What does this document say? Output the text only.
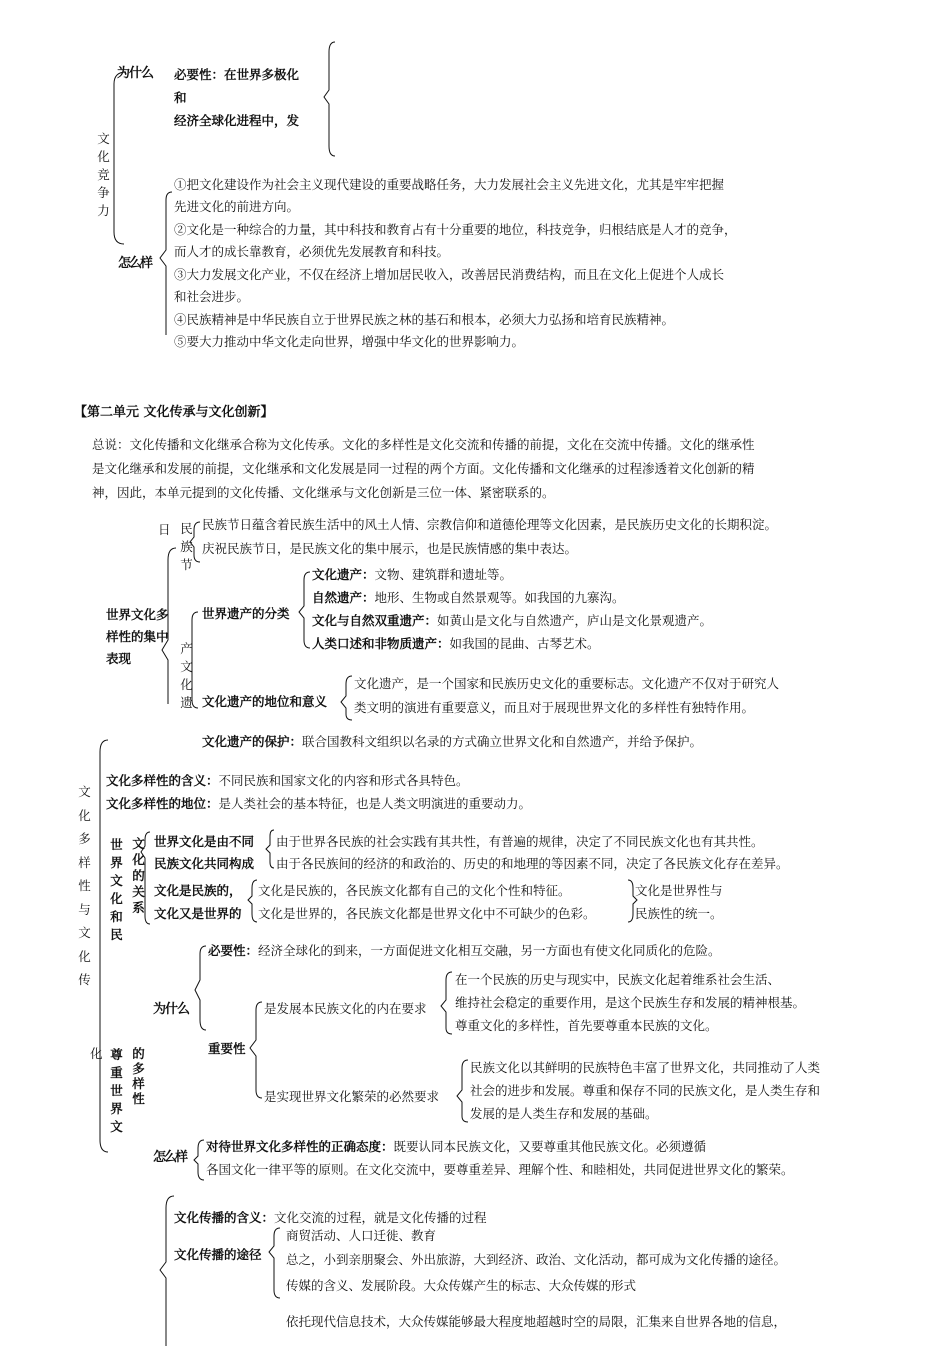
文化竞争力
为什么 必要性：在世界多极化
和
经济全球化进程中，发
怎么样
①把文化建设作为社会主义现代建设的重要战略任务，大力发展社会主义先进文化，尤其是牢牢把握
先进文化的前进方向。
②文化是一种综合的力量，其中科技和教育占有十分重要的地位，科技竞争，归根结底是人才的竞争，
而人才的成长靠教育，必须优先发展教育和科技。
③大力发展文化产业，不仅在经济上增加居民收入，改善居民消费结构，而且在文化上促进个人成长
和社会进步。
④民族精神是中华民族自立于世界民族之林的基石和根本，必须大力弘扬和培育民族精神。
⑤要大力推动中华文化走向世界，增强中华文化的世界影响力。
【第二单元 文化传承与文化创新】
总说：文化传播和文化继承合称为文化传承。文化的多样性是文化交流和传播的前提，文化在交流中传播。文化的继承性
是文化继承和发展的前提，文化继承和文化发展是同一过程的两个方面。文化传播和文化继承的过程渗透着文化创新的精
神，因此，本单元提到的文化传播、文化继承与文化创新是三位一体、紧密联系的。
文化多样性与文化传
化
世界文化多样性的集中表现
日 民族节
民族节日蕴含着民族生活中的风土人情、宗教信仰和道德伦理等文化因素，是民族历史文化的长期积淀。
庆祝民族节日，是民族文化的集中展示，也是民族情感的集中表达。
产文化遗
世界遗产的分类
文化遗产：文物、建筑群和遗址等。
自然遗产：地形、生物或自然景观等。如我国的九寨沟。
文化与自然双重遗产：如黄山是文化与自然遗产，庐山是文化景观遗产。
人类口述和非物质遗产：如我国的昆曲、古琴艺术。
文化遗产的地位和意义
文化遗产，是一个国家和民族历史文化的重要标志。文化遗产不仅对于研究人
类文明的演进有重要意义，而且对于展现世界文化的多样性有独特作用。
文化遗产的保护：联合国教科文组织以名录的方式确立世界文化和自然遗产，并给予保护。
文化多样性的含义：不同民族和国家文化的内容和形式各具特色。
文化多样性的地位：是人类社会的基本特征，也是人类文明演进的重要动力。
世界文化和民
文化的关系
世界文化是由不同 由于世界各民族的社会实践有其共性，有普遍的规律，决定了不同民族文化也有其共性。
民族文化共同构成 由于各民族间的经济的和政治的、历史的和地理的等因素不同，决定了各民族文化存在差异。
文化是民族的， 文化是民族的，各民族文化都有自己的文化个性和特征。
文化又是世界的 文化是世界的，各民族文化都是世界文化中不可缺少的色彩。
文化是世界性与
民族性的统一。
尊重世界文
的多样性
为什么
必要性：经济全球化的到来，一方面促进文化相互交融，另一方面也有使文化同质化的危险。
重要性
是发展本民族文化的内在要求
在一个民族的历史与现实中，民族文化起着维系社会生活、
维持社会稳定的重要作用，是这个民族生存和发展的精神根基。
尊重文化的多样性，首先要尊重本民族的文化。
是实现世界文化繁荣的必然要求
民族文化以其鲜明的民族特色丰富了世界文化，共同推动了人类
社会的进步和发展。尊重和保存不同的民族文化，是人类生存和
发展的是人类生存和发展的基础。
怎么样
对待世界文化多样性的正确态度：既要认同本民族文化，又要尊重其他民族文化。必须遵循
各国文化一律平等的原则。在文化交流中，要尊重差异、理解个性、和睦相处，共同促进世界文化的繁荣。
文化传播的含义：文化交流的过程，就是文化传播的过程
文化传播的途径
商贸活动、人口迁徙、教育
总之，小到亲朋聚会、外出旅游，大到经济、政治、文化活动，都可成为文化传播的途径。
传媒的含义、发展阶段。大众传媒产生的标志、大众传媒的形式
依托现代信息技术，大众传媒能够最大程度地超越时空的局限，汇集来自世界各地的信息，
